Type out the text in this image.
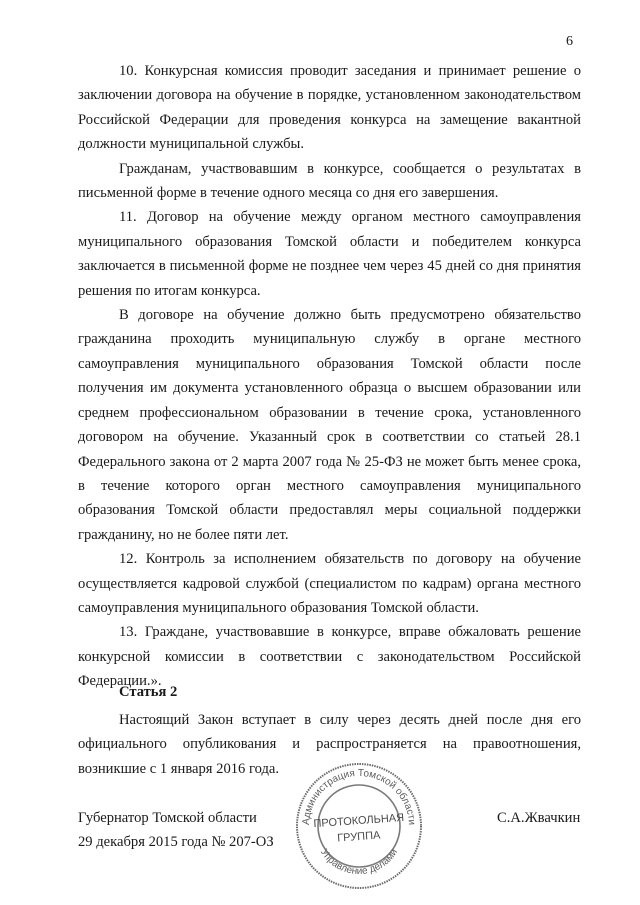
6

10. Конкурсная комиссия проводит заседания и принимает решение о заключении договора на обучение в порядке, установленном законодательством Российской Федерации для проведения конкурса на замещение вакантной должности муниципальной службы.

Гражданам, участвовавшим в конкурсе, сообщается о результатах в письменной форме в течение одного месяца со дня его завершения.

11. Договор на обучение между органом местного самоуправления муниципального образования Томской области и победителем конкурса заключается в письменной форме не позднее чем через 45 дней со дня принятия решения по итогам конкурса.

В договоре на обучение должно быть предусмотрено обязательство гражданина проходить муниципальную службу в органе местного самоуправления муниципального образования Томской области после получения им документа установленного образца о высшем образовании или среднем профессиональном образовании в течение срока, установленного договором на обучение. Указанный срок в соответствии со статьей 28.1 Федерального закона от 2 марта 2007 года № 25-ФЗ не может быть менее срока, в течение которого орган местного самоуправления муниципального образования Томской области предоставлял меры социальной поддержки гражданину, но не более пяти лет.

12. Контроль за исполнением обязательств по договору на обучение осуществляется кадровой службой (специалистом по кадрам) органа местного самоуправления муниципального образования Томской области.

13. Граждане, участвовавшие в конкурсе, вправе обжаловать решение конкурсной комиссии в соответствии с законодательством Российской Федерации.».

Статья 2

Настоящий Закон вступает в силу через десять дней после дня его официального опубликования и распространяется на правоотношения, возникшие с 1 января 2016 года.

Губернатор Томской области
29 декабря 2015 года № 207-ОЗ
С.А.Жвачкин
Администрация Томской области
Управление делами
ПРОТОКОЛЬНАЯ
ГРУППА
